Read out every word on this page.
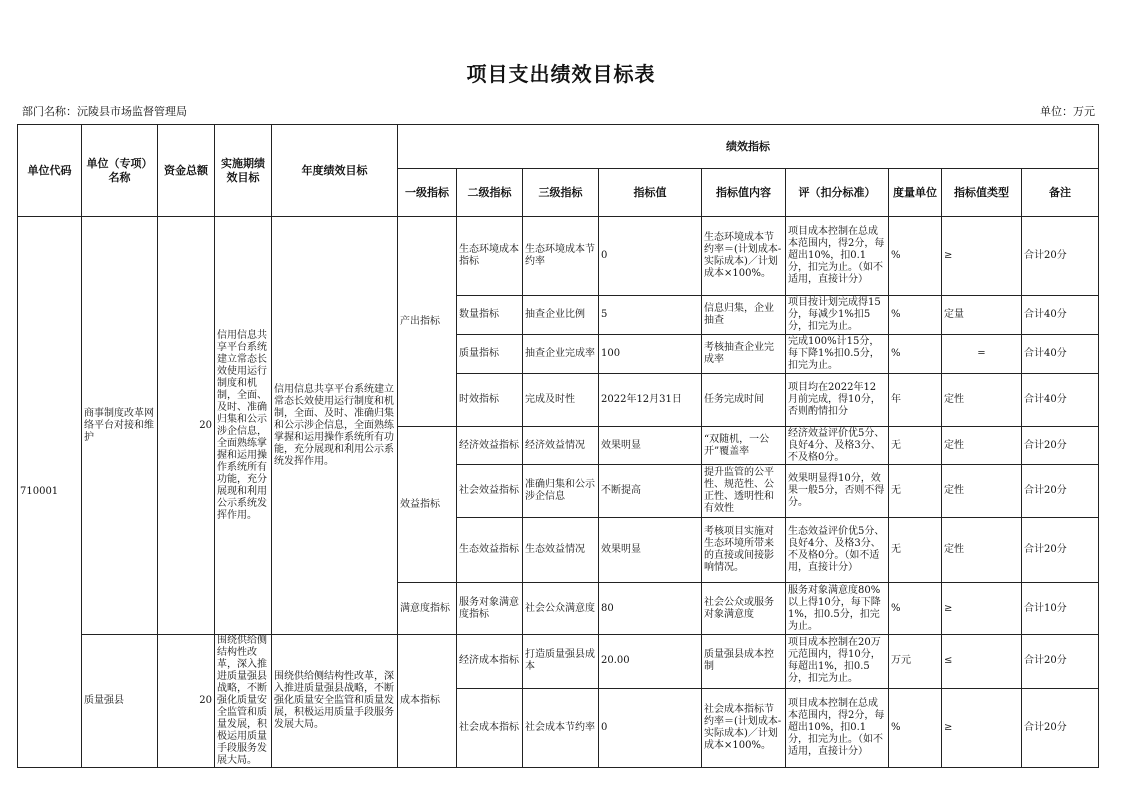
项目支出绩效目标表
部门名称：沅陵县市场监督管理局	单位：万元
单位代码	单位（专项）名称	资金总额	实施期绩效目标	年度绩效目标	绩效指标								
					一级指标	二级指标	三级指标	指标值	指标值内容	评（扣分标准）	度量单位	指标值类型	备注
710001	商事制度改革网络平台对接和维护	20	信用信息共享平台系统建立常态长效使用运行制度和机制，全面、及时、准确归集和公示涉企信息，全面熟练掌握和运用操作系统所有功能，充分展现和利用公示系统发挥作用。	信用信息共享平台系统建立常态长效使用运行制度和机制，全面、及时、准确归集和公示涉企信息，全面熟练掌握和运用操作系统所有功能，充分展现和利用公示系统发挥作用。	产出指标	生态环境成本指标	生态环境成本节约率	0	生态环境成本节约率＝(计划成本-实际成本)／计划成本×100%。	项目成本控制在总成本范围内，得2分，每超出10%，扣0.1分，扣完为止。（如不适用，直接计分）	%	≥	合计20分
						数量指标	抽查企业比例	5	信息归集，企业抽查	项目按计划完成得15分，每减少1%扣5分，扣完为止。	%	定量	合计40分
						质量指标	抽查企业完成率	100	考核抽查企业完成率	完成100%计15分，每下降1%扣0.5分，扣完为止。	%	=	合计40分
						时效指标	完成及时性	2022年12月31日	任务完成时间	项目均在2022年12月前完成，得10分，否则酌情扣分	年	定性	合计40分
					效益指标	经济效益指标	经济效益情况	效果明显	“双随机，一公开”覆盖率	经济效益评价优5分、良好4分、及格3分、不及格0分。	无	定性	合计20分
						社会效益指标	准确归集和公示涉企信息	不断提高	提升监管的公平性、规范性、公正性、透明性和有效性	效果明显得10分，效果一般5分，否则不得分。	无	定性	合计20分
						生态效益指标	生态效益情况	效果明显	考核项目实施对生态环境所带来的直接或间接影响情况。	生态效益评价优5分、良好4分、及格3分、不及格0分。（如不适用，直接计分）	无	定性	合计20分
					满意度指标	服务对象满意度指标	社会公众满意度	80	社会公众或服务对象满意度	服务对象满意度80%以上得10分，每下降1%，扣0.5分，扣完为止。	%	≥	合计10分
	质量强县	20	围绕供给侧结构性改革，深入推进质量强县战略，不断强化质量安全监管和质量发展，积极运用质量手段服务发展大局。	围绕供给侧结构性改革，深入推进质量强县战略，不断强化质量安全监管和质量发展，积极运用质量手段服务发展大局。	成本指标	经济成本指标	打造质量强县成本	20.00	质量强县成本控制	项目成本控制在20万元范围内，得10分，每超出1%，扣0.5分，扣完为止。	万元	≤	合计20分
						社会成本指标	社会成本节约率	0	社会成本指标节约率＝(计划成本-实际成本)／计划成本×100%。	项目成本控制在总成本范围内，得2分，每超出10%，扣0.1分，扣完为止。（如不适用，直接计分）	%	≥	合计20分
